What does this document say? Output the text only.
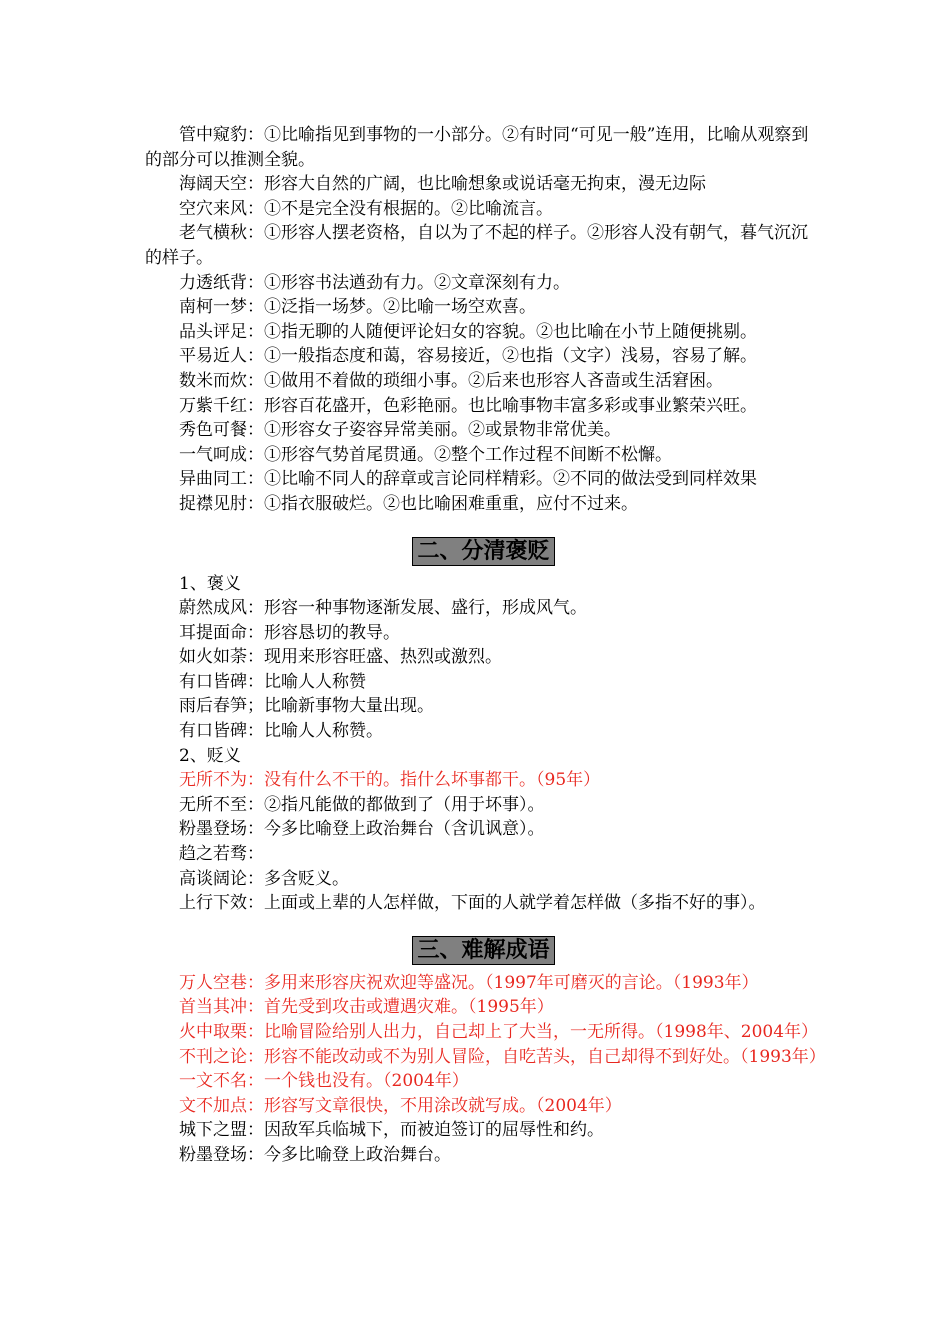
管中窥豹：①比喻指见到事物的一小部分。②有时同“可见一般”连用，比喻从观察到的部分可以推测全貌。

海阔天空：形容大自然的广阔，也比喻想象或说话毫无拘束，漫无边际

空穴来风：①不是完全没有根据的。②比喻流言。

老气横秋：①形容人摆老资格，自以为了不起的样子。②形容人没有朝气，暮气沉沉的样子。

力透纸背：①形容书法遒劲有力。②文章深刻有力。

南柯一梦：①泛指一场梦。②比喻一场空欢喜。

品头评足：①指无聊的人随便评论妇女的容貌。②也比喻在小节上随便挑剔。

平易近人：①一般指态度和蔼，容易接近，②也指（文字）浅易，容易了解。

数米而炊：①做用不着做的琐细小事。②后来也形容人吝啬或生活窘困。

万紫千红：形容百花盛开，色彩艳丽。也比喻事物丰富多彩或事业繁荣兴旺。

秀色可餐：①形容女子姿容异常美丽。②或景物非常优美。

一气呵成：①形容气势首尾贯通。②整个工作过程不间断不松懈。

异曲同工：①比喻不同人的辞章或言论同样精彩。②不同的做法受到同样效果

捉襟见肘：①指衣服破烂。②也比喻困难重重，应付不过来。

二、分清褒贬

1、褒义

蔚然成风：形容一种事物逐渐发展、盛行，形成风气。

耳提面命：形容恳切的教导。

如火如荼：现用来形容旺盛、热烈或激烈。

有口皆碑：比喻人人称赞

雨后春笋；比喻新事物大量出现。

有口皆碑：比喻人人称赞。

2、贬义

无所不为：没有什么不干的。指什么坏事都干。（95年）

无所不至：②指凡能做的都做到了（用于坏事）。

粉墨登场：今多比喻登上政治舞台（含讥讽意）。

趋之若骛：

高谈阔论：多含贬义。

上行下效：上面或上辈的人怎样做，下面的人就学着怎样做（多指不好的事）。

三、难解成语

万人空巷：多用来形容庆祝欢迎等盛况。（1997年可磨灭的言论。（1993年）

首当其冲：首先受到攻击或遭遇灾难。（1995年）

火中取栗：比喻冒险给别人出力，自己却上了大当，一无所得。（1998年、2004年）

不刊之论：形容不能改动或不为别人冒险，自吃苦头，自己却得不到好处。（1993年）

一文不名：一个钱也没有。（2004年）

文不加点：形容写文章很快，不用涂改就写成。（2004年）

城下之盟：因敌军兵临城下，而被迫签订的屈辱性和约。

粉墨登场：今多比喻登上政治舞台。
